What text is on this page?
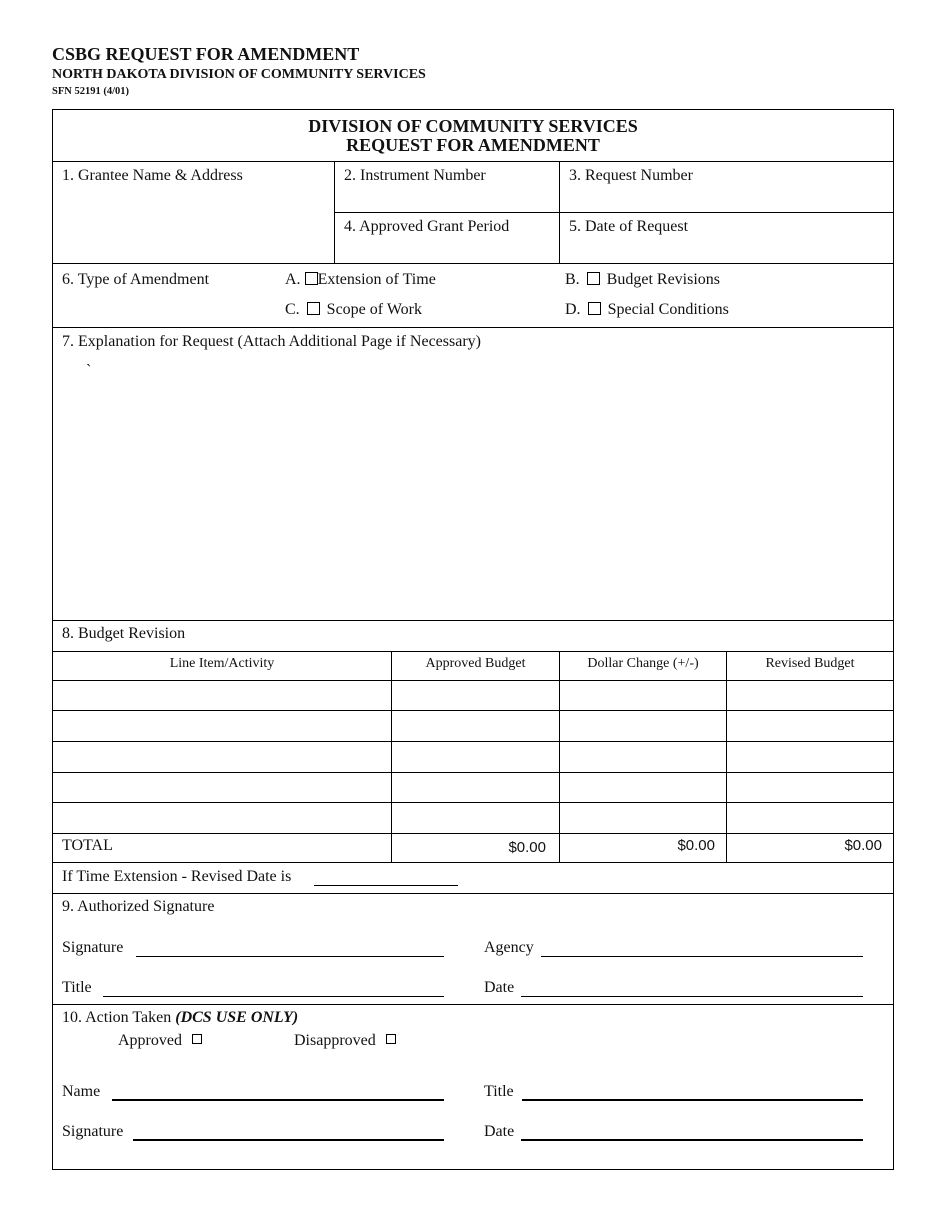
CSBG REQUEST FOR AMENDMENT
NORTH DAKOTA DIVISION OF COMMUNITY SERVICES
SFN 52191 (4/01)
DIVISION OF COMMUNITY SERVICES
REQUEST FOR AMENDMENT
1. Grantee Name & Address	2. Instrument Number	3. Request Number
4. Approved Grant Period	5. Date of Request
6. Type of Amendment	A. Extension of Time	B. Budget Revisions
C. Scope of Work	D. Special Conditions
7. Explanation for Request (Attach Additional Page if Necessary)
`
8. Budget Revision
Line Item/Activity	Approved Budget	Dollar Change (+/-)	Revised Budget
TOTAL	$0.00	$0.00	$0.00
If Time Extension - Revised Date is
9. Authorized Signature
Signature	Agency
Title	Date
10. Action Taken (DCS USE ONLY)
Approved	Disapproved
Name	Title
Signature	Date
